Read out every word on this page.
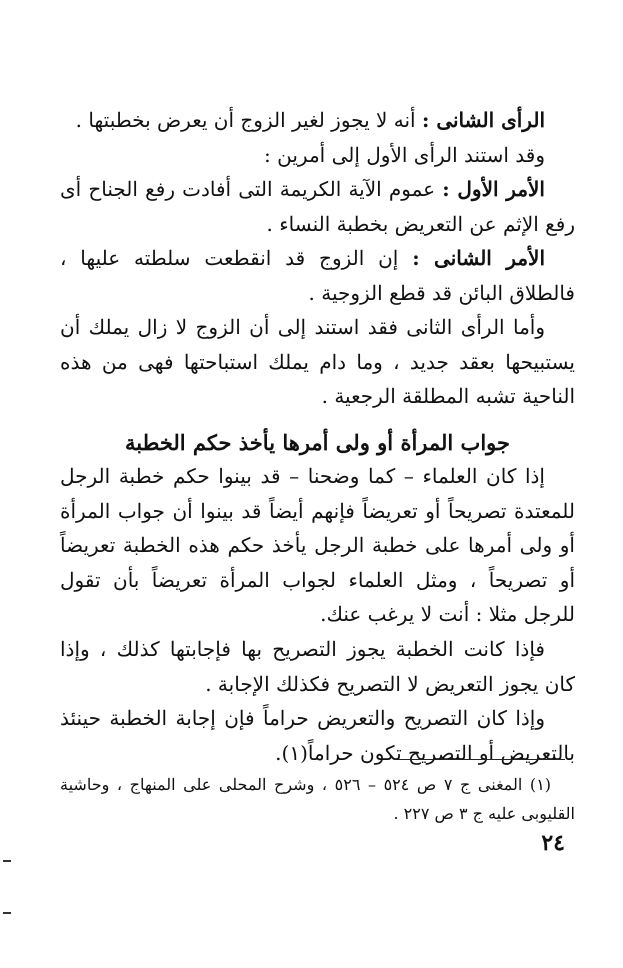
الرأى الشانى : أنه لا يجوز لغير الزوج أن يعرض بخطبتها .

وقد استند الرأى الأول إلى أمرين :

الأمر الأول : عموم الآية الكريمة التى أفادت رفع الجناح أى رفع الإثم عن التعريض بخطبة النساء .

الأمر الشانى : إن الزوج قد انقطعت سلطته عليها ، فالطلاق البائن قد قطع الزوجية .

وأما الرأى الثانى فقد استند إلى أن الزوج لا زال يملك أن يستبيحها بعقد جديد ، وما دام يملك استباحتها فهى من هذه الناحية تشبه المطلقة الرجعية .

جواب المرأة أو ولى أمرها يأخذ حكم الخطبة

إذا كان العلماء – كما وضحنا – قد بينوا حكم خطبة الرجل للمعتدة تصريحاً أو تعريضاً فإنهم أيضاً قد بينوا أن جواب المرأة أو ولى أمرها على خطبة الرجل يأخذ حكم هذه الخطبة تعريضاً أو تصريحاً ، ومثل العلماء لجواب المرأة تعريضاً بأن تقول للرجل مثلا : أنت لا يرغب عنك.

فإذا كانت الخطبة يجوز التصريح بها فإجابتها كذلك ، وإذا كان يجوز التعريض لا التصريح فكذلك الإجابة .

وإذا كان التصريح والتعريض حراماً فإن إجابة الخطبة حينئذ بالتعريض أو التصريح تكون حراماً(١).

(١) المغنى ج ٧ ص ٥٢٤ – ٥٢٦ ، وشرح المحلى على المنهاج ، وحاشية القليوبى عليه ج ٣ ص ٢٢٧ .

٢٤
